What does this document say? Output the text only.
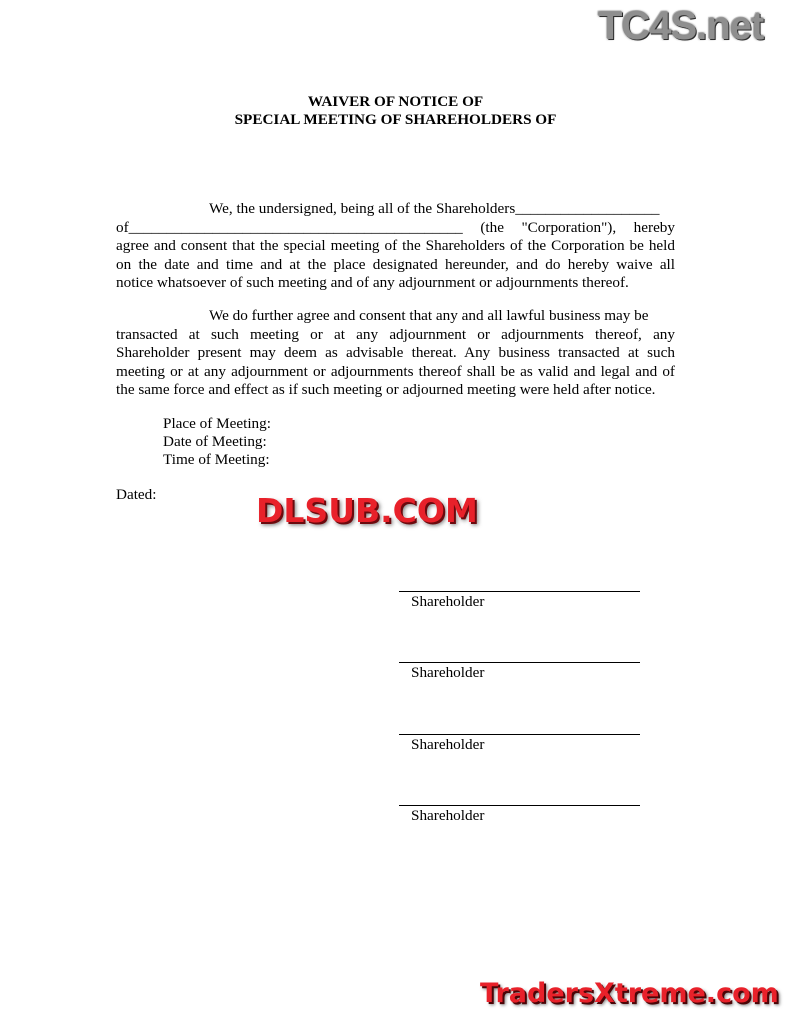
TC4S.net
WAIVER OF NOTICE OF
SPECIAL MEETING OF SHAREHOLDERS OF
We, the undersigned, being all of the Shareholders___________________
of____________________________________________ (the "Corporation"), hereby
agree and consent that the special meeting of the Shareholders of the Corporation be held
on the date and time and at the place designated hereunder, and do hereby waive all
notice whatsoever of such meeting and of any adjournment or adjournments thereof.
We do further agree and consent that any and all lawful business may be
transacted at such meeting or at any adjournment or adjournments thereof, any
Shareholder present may deem as advisable thereat. Any business transacted at such
meeting or at any adjournment or adjournments thereof shall be as valid and legal and of
the same force and effect as if such meeting or adjourned meeting were held after notice.
Place of Meeting:
Date of Meeting:
Time of Meeting:
Dated:	DLSUB.COM
Shareholder
Shareholder
Shareholder
Shareholder
TradersXtreme.com
